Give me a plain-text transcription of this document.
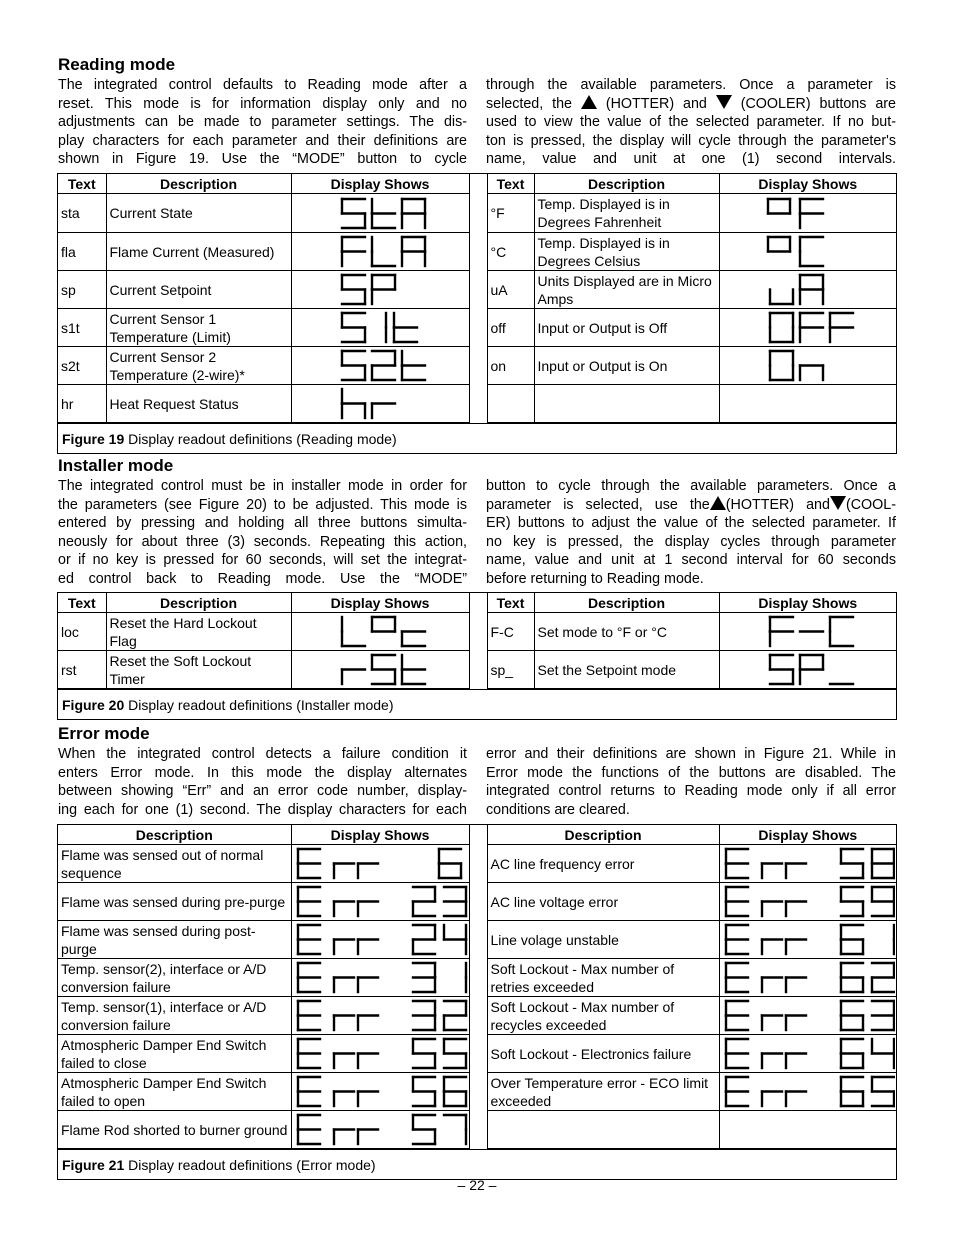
Reading mode
The integrated control defaults to Reading mode after a
reset. This mode is for information display only and no
adjustments can be made to parameter settings. The dis-
play characters for each parameter and their definitions are
shown in Figure 19. Use the “MODE” button to cycle
through the available parameters. Once a parameter is
selected, the  (HOTTER) and  (COOLER) buttons are
used to view the value of the selected parameter. If no but-
ton is pressed, the display will cycle through the parameter's
name, value and unit at one (1) second intervals.
Text	Description	Display Shows		Text	Description	Display Shows
sta	Current State			°F	Temp. Displayed is in Degrees Fahrenheit	

fla	Flame Current (Measured)			°C	Temp. Displayed is in Degrees Celsius	

sp	Current Setpoint			uA	Units Displayed are in Micro Amps	

s1t	Current Sensor 1 Temperature (Limit)			off	Input or Output is Off	

s2t	Current Sensor 2 Temperature (2-wire)*			on	Input or Output is On	

hr	Heat Request Status	

Figure 19 Display readout definitions (Reading mode)
Installer mode
The integrated control must be in installer mode in order for
the parameters (see Figure 20) to be adjusted. This mode is
entered by pressing and holding all three buttons simulta-
neously for about three (3) seconds. Repeating this action,
or if no key is pressed for 60 seconds, will set the integrat-
ed control back to Reading mode. Use the “MODE”
button to cycle through the available parameters. Once a
parameter is selected, use the (HOTTER) and (COOL-
ER) buttons to adjust the value of the selected parameter. If
no key is pressed, the display cycles through parameter
name, value and unit at 1 second interval for 60 seconds
before returning to Reading mode.
Text	Description	Display Shows		Text	Description	Display Shows
loc	Reset the Hard Lockout Flag			F-C	Set mode to °F or °C	

rst	Reset the Soft Lockout Timer			sp_	Set the Setpoint mode	
Figure 20 Display readout definitions (Installer mode)
Error mode
When the integrated control detects a failure condition it
enters Error mode. In this mode the display alternates
between showing “Err” and an error code number, display-
ing each for one (1) second. The display characters for each
error and their definitions are shown in Figure 21. While in
Error mode the functions of the buttons are disabled. The
integrated control returns to Reading mode only if all error
conditions are cleared.
Description	Display Shows		Description	Display Shows
Flame was sensed out of normal sequence			AC line frequency error	

Flame was sensed during pre-purge			AC line voltage error	

Flame was sensed during post-purge			Line volage unstable	

Temp. sensor(2), interface or A/D conversion failure			Soft Lockout - Max number of retries exceeded	

Temp. sensor(1), interface or A/D conversion failure			Soft Lockout - Max number of recycles exceeded	

Atmospheric Damper End Switch failed to close			Soft Lockout - Electronics failure	

Atmospheric Damper End Switch failed to open			Over Temperature error - ECO limit exceeded	

Flame Rod shorted to burner ground	

Figure 21 Display readout definitions (Error mode)
– 22 –
